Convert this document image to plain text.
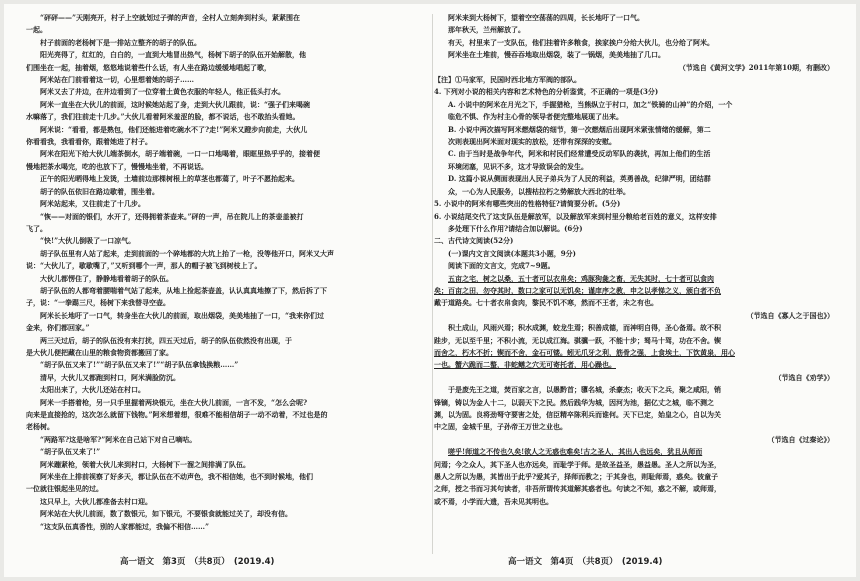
“砰砰——”天刚亮开，村子上空就划过子弹的声音，全村人立刻奔到村头，紧紧围在

一起。

村子前面的老杨树下是一排站立整齐的胡子的队伍。

阳光亮得了，红红的，白白的，一直到大地冒出热气，杨树下胡子的队伍开始解散，他

们围坐在一起，抽着烟，悠悠地说着些什么话，有人坐在路边缓缓地唱起了歌，

阿米站在门前看着这一切，心里想着她的胡子……

阿米又去了井边，在井边看到了一位穿着土黄色衣服的年轻人，他正低头打水。

阿米一直坐在大伙儿的前面，这时候她站起了身，走到大伙儿跟前，说：“强子们来喝碗

水嘛落了，我们往前走十几步。”大伙儿看着阿米羞涩的脸，都不说话，也不敢抬头看她。

阿米说：“看看，都是熟包，他们还能进着吃碗水不了?走!”阿米又蹬步向前走，大伙儿

你看看我，我看看你，跟着她进了村子。

阿米在阳光下给大伙儿端茶倒水，胡子端着碗，一口一口地喝着，眼眶里热乎乎的，接着便

慢地把茶水喝完，吃的也放下了，慢慢地坐着，不再说话。

正午的阳光晒得地上发烫，土墙前边那棵树根上的草茎也都蔫了，叶子不愿抬起来。

胡子的队伍依旧在路边歇着，围坐着。

阿米站起来，又往前走了十几步。

“恢——对面的银们，水开了，还得拥着茶壶来。”砰的一声，吊在院儿上的茶壶盖被打

飞了。

“快!”大伙儿倒吸了一口凉气。

胡子队伍里有人站了起来，走到前面的一个碎地都的大坑上抬了一枪，没等他开口，阿米又大声

说：“大伙儿了，歇歇嘴了，”又听到哪个一声，那人的帽子被飞到树枝上了。

大伙儿都愣住了，静静地看着胡子的队伍。

胡子队伍的人都弯着腰喘着气站了起来，从地上捡起茶壶盖，认认真真地擦了下，然后拆了下

子，说：“一拳踢三尺，杨树下来我替寻空壶。

阿米长长地吁了一口气，转身坐在大伙儿的前面，取出烟袋，美美地抽了一口，“我来你们过

金来，你们都回家。”

两三天过后，胡子的队伍没有来打扰，四五天过后，胡子的队伍依然没有出现，于

是大伙儿便把藏在山里的粮食物资都搬回了家。

“胡子队伍又来了!”“胡子队伍又来了!”“胡子队伍拿钱换粮……”

清早，大伙儿又都跑到村口，阿米满脸防沉。

太阳出来了，大伙儿还站在村口。

阿米一手搭着枪，另一只手里握着两块银元，坐在大伙儿前面，一言不发，“怎么会呢?

向来是直接抢的，这次怎么就留下钱物。”阿米想着想，很难不能相信胡子一动不动着，不过也是的

老杨树。

“两路军?这是啥军?”阿米在自己站下对自己嘀咕。

“胡子队伍又来了!”

阿米蹦紧枪，领着大伙儿来到村口，大杨树下一溜之间排满了队伍。

阿米坐在上排前视察了好多天，都让队伍在不动声色，我不相信她，也不到时候地，他们

一位就往银起坐见的过。

这只早上，大伙儿都准备去村口迎。

阿米站在大伙儿前面，数了数银元，如下银元，不要银食就能过关了，却没有信。

“这支队伍真香性，别的人家都能过，我偏不相信……”

阿米来到大杨树下，望着空空荡荡的四周，长长地吁了一口气。

那年秋天，兰州解放了。

有天，村里来了一支队伍，他们挂着许多粮食，挨家挨户分给大伙儿，也分给了阿米。

阿米坐在土堆前，慢吞吞地取出烟袋，装了一锅烟，美美地抽了几口。

（节选自《黄河文学》2011年第10期，有删改）

【注】①马家军，民国时西北地方军阀的部队。

4. 下列对小说的相关内容和艺术特色的分析鉴赏，不正确的一项是(3分)

A. 小说中的阿米在月光之下，手握猎枪，当熊纵立于村口，加之“铁骑的山神”的介绍，一个

临危不惧、作为村主心骨的领导者便完整地展现了出来。

B. 小说中两次描写阿米燃烟袋的细节，第一次燃烟后出现阿米紧张情绪的缓解，第二

次则表现出阿米面对现实的放松，还带有深深的安慰。

C. 由于当时是战争年代，阿米和村民们经常遭受反动军队的袭扰，再加上他们的生活

环境闭塞，见识不多，这才导致误会的发生。

D. 这篇小说从侧面表现出人民子弟兵为了人民的利益，英勇善战，纪律严明，团结群

众，一心为人民服务，以搜枯拉朽之势解放大西北的壮举。

5. 小说中的阿米有哪些突出的性格特征?请简要分析。(5分)

6. 小说结尾交代了这支队伍是解放军，以及解放军来到村里分粮给老百姓的意义，这样安排

多处理下什么作用?请结合加以解说。(6分)

二、古代诗文阅读(52分)

(一)课内文言文阅读(本题共3小题，9分)

阅读下面的文言文，完成7~9题。

五亩之宅，树之以桑，五十者可以衣帛矣；鸡豚狗彘之畜，无失其时，七十者可以食肉

矣；百亩之田，勿夺其时，数口之家可以无饥矣；谨庠序之教，申之以孝悌之义，颁白者不负

戴于道路矣。七十者衣帛食肉，黎民不饥不寒，然而不王者，未之有也。

（节选自《寡人之于国也》）

积土成山，风雨兴焉；积水成渊，蛟龙生焉；积善成德，而神明自得，圣心备焉。故不积

跬步，无以至千里；不积小流，无以成江海。骐骥一跃，不能十步；驽马十驾，功在不舍。锲

而舍之，朽木不折；锲而不舍，金石可镂。蚓无爪牙之利，筋骨之强，上食埃土，下饮黄泉，用心

一也。蟹六跪而二螯，非蛇鳝之穴无可寄托者，用心躁也。

（节选自《劝学》）

于是废先王之道，焚百家之言，以愚黔首；隳名城，杀豪杰；收天下之兵，聚之咸阳，销

锋镝，铸以为金人十二，以弱天下之民。然后践华为城，因河为池，据亿丈之城，临不测之

渊，以为固。良将劲弩守要害之处，信臣精卒陈利兵而谁何。天下已定，始皇之心，自以为关

中之固，金城千里，子孙帝王万世之业也。

（节选自《过秦论》）

嗟乎!师道之不传也久矣!欲人之无惑也难矣!古之圣人，其出人也远矣，犹且从师而

问焉；今之众人，其下圣人也亦远矣，而耻学于师。是故圣益圣，愚益愚。圣人之所以为圣，

愚人之所以为愚，其皆出于此乎?爱其子，择师而教之；于其身也，则耻师焉，惑矣。彼童子

之师，授之书而习其句读者，非吾所谓传其道解其惑者也。句读之不知，惑之不解，或师焉，

或不焉，小学而大遗，吾未见其明也。

高一语文　第3页　（共8页）　(2019.4)	高一语文　第4页　（共8页）　(2019.4)
